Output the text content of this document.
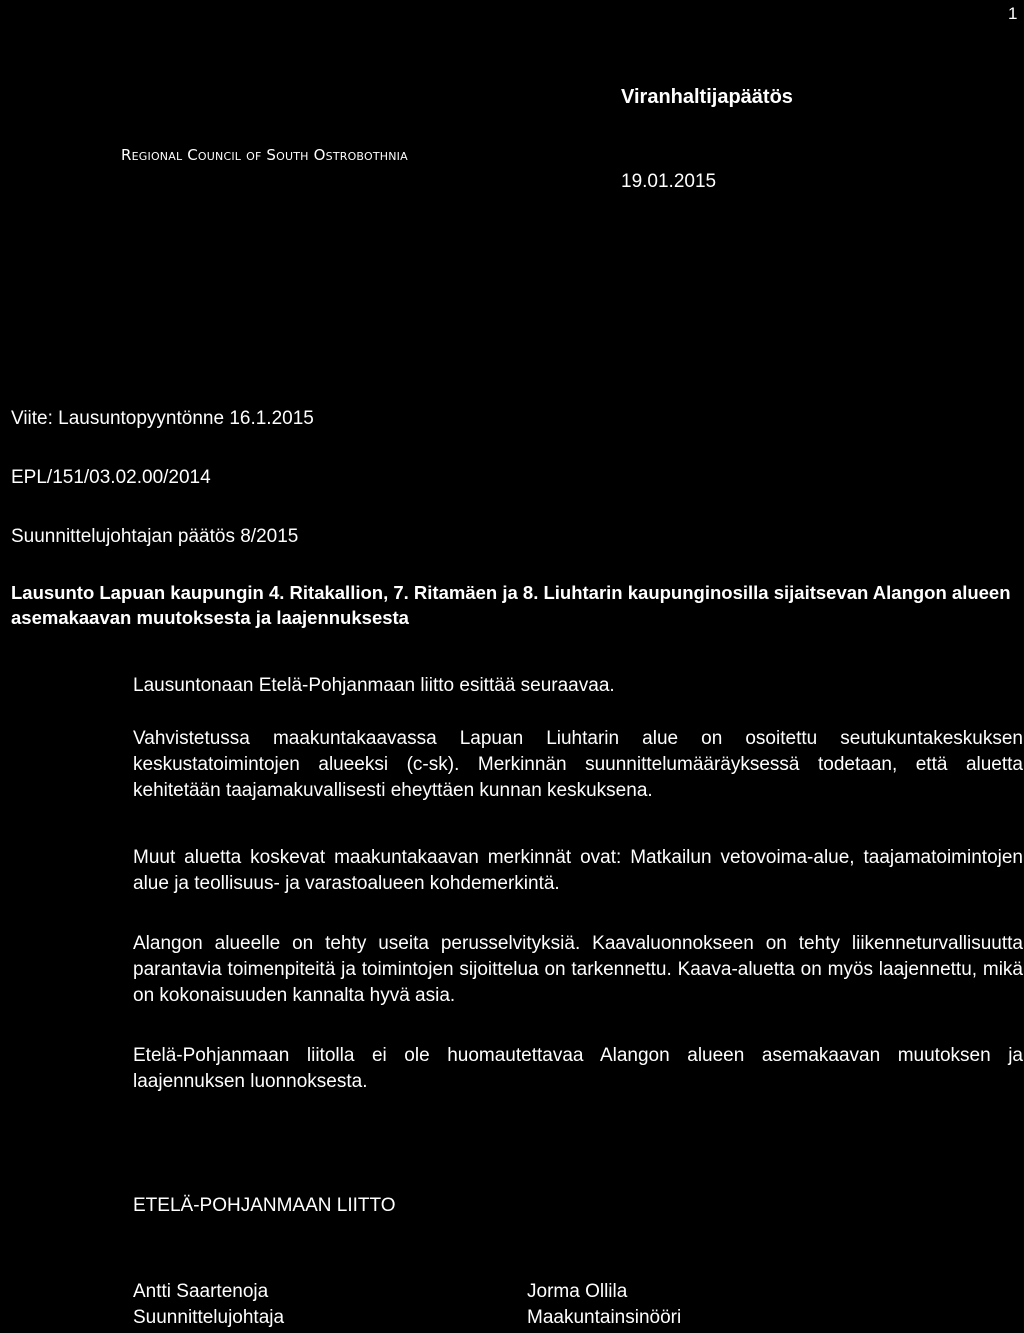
1
Viranhaltijapäätös
Regional Council of South Ostrobothnia
19.01.2015
Viite: Lausuntopyyntönne 16.1.2015
EPL/151/03.02.00/2014
Suunnittelujohtajan päätös 8/2015
Lausunto Lapuan kaupungin 4. Ritakallion, 7. Ritamäen ja 8. Liuhtarin kaupunginosilla sijaitsevan Alangon alueen asemakaavan muutoksesta ja laajennuksesta
Lausuntonaan Etelä-Pohjanmaan liitto esittää seuraavaa.
Vahvistetussa maakuntakaavassa Lapuan Liuhtarin alue on osoitettu seutukuntakeskuksen keskustatoimintojen alueeksi (c-sk). Merkinnän suunnittelumääräyksessä todetaan, että aluetta kehitetään taajamakuvallisesti eheyttäen kunnan keskuksena.
Muut aluetta koskevat maakuntakaavan merkinnät ovat: Matkailun vetovoima-alue, taajamatoimintojen alue ja teollisuus- ja varastoalueen kohdemerkintä.
Alangon alueelle on tehty useita perusselvityksiä. Kaavaluonnokseen on tehty liikenneturvallisuutta parantavia toimenpiteitä ja toimintojen sijoittelua on tarkennettu. Kaava-aluetta on myös laajennettu, mikä on kokonaisuuden kannalta hyvä asia.
Etelä-Pohjanmaan liitolla ei ole huomautettavaa Alangon alueen asemakaavan muutoksen ja laajennuksen luonnoksesta.
ETELÄ-POHJANMAAN LIITTO
Antti Saartenoja
Suunnittelujohtaja
Jorma Ollila
Maakuntainsinööri
